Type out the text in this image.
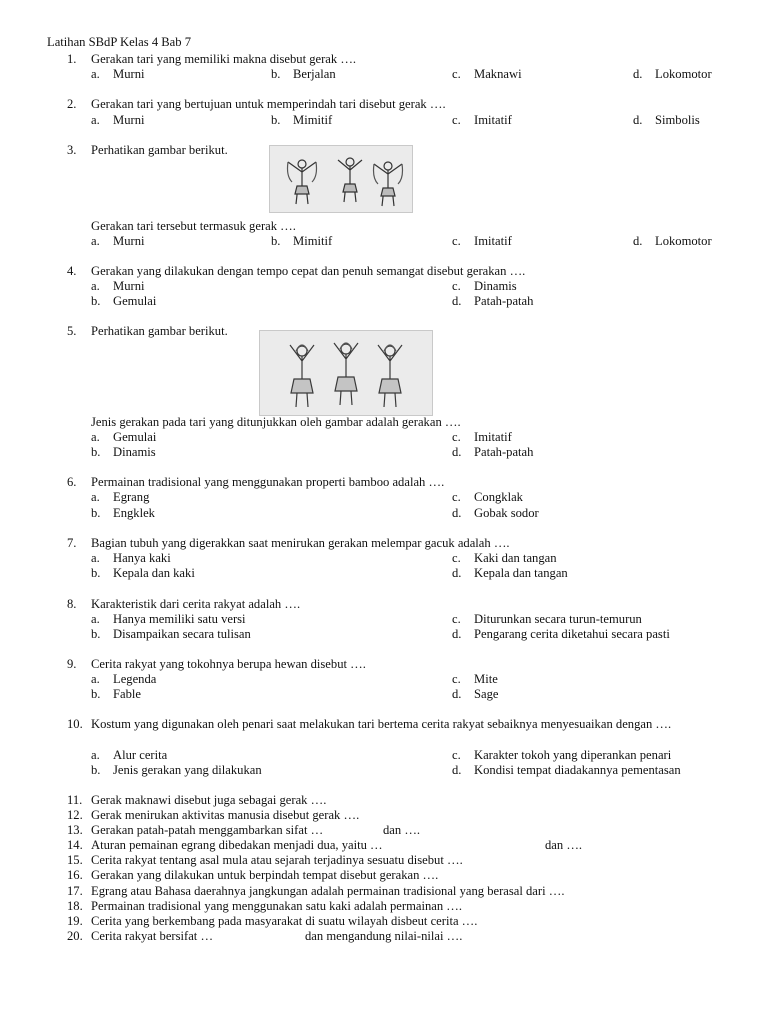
Latihan SBdP Kelas 4 Bab 7
1.	Gerakan tari yang memiliki makna disebut gerak ….
a. Murni	b. Berjalan	c. Maknawi	d. Lokomotor
2.	Gerakan tari yang bertujuan untuk memperindah tari disebut gerak ….
a. Murni	b. Mimitif	c. Imitatif	d. Simbolis
3.	Perhatikan gambar berikut.
Gerakan tari tersebut termasuk gerak ….
a. Murni	b. Mimitif	c. Imitatif	d. Lokomotor
4.	Gerakan yang dilakukan dengan tempo cepat dan penuh semangat disebut gerakan ….
a. Murni	c. Dinamis
b. Gemulai	d. Patah-patah
5.	Perhatikan gambar berikut.
Jenis gerakan pada tari yang ditunjukkan oleh gambar adalah gerakan ….
a. Gemulai	c. Imitatif
b. Dinamis	d. Patah-patah
6.	Permainan tradisional yang menggunakan properti bamboo adalah ….
a. Egrang	c. Congklak
b. Engklek	d. Gobak sodor
7.	Bagian tubuh yang digerakkan saat menirukan gerakan melempar gacuk adalah ….
a. Hanya kaki	c. Kaki dan tangan
b. Kepala dan kaki	d. Kepala dan tangan
8.	Karakteristik dari cerita rakyat adalah ….
a. Hanya memiliki satu versi	c. Diturunkan secara turun-temurun
b. Disampaikan secara tulisan	d. Pengarang cerita diketahui secara pasti
9.	Cerita rakyat yang tokohnya berupa hewan disebut ….
a. Legenda	c. Mite
b. Fable	d. Sage
10. Kostum yang digunakan oleh penari saat melakukan tari bertema cerita rakyat sebaiknya menyesuaikan dengan ….
a. Alur cerita	c. Karakter tokoh yang diperankan penari
b. Jenis gerakan yang dilakukan	d. Kondisi tempat diadakannya pementasan
11. Gerak maknawi disebut juga sebagai gerak ….
12. Gerak menirukan aktivitas manusia disebut gerak ….
13. Gerakan patah-patah menggambarkan sifat …	dan ….
14. Aturan pemainan egrang dibedakan menjadi dua, yaitu …	dan ….
15. Cerita rakyat tentang asal mula atau sejarah terjadinya sesuatu disebut ….
16. Gerakan yang dilakukan untuk berpindah tempat disebut gerakan ….
17. Egrang atau Bahasa daerahnya jangkungan adalah permainan tradisional yang berasal dari ….
18. Permainan tradisional yang menggunakan satu kaki adalah permainan ….
19. Cerita yang berkembang pada masyarakat di suatu wilayah disbeut cerita ….
20. Cerita rakyat bersifat …	dan mengandung nilai-nilai ….
